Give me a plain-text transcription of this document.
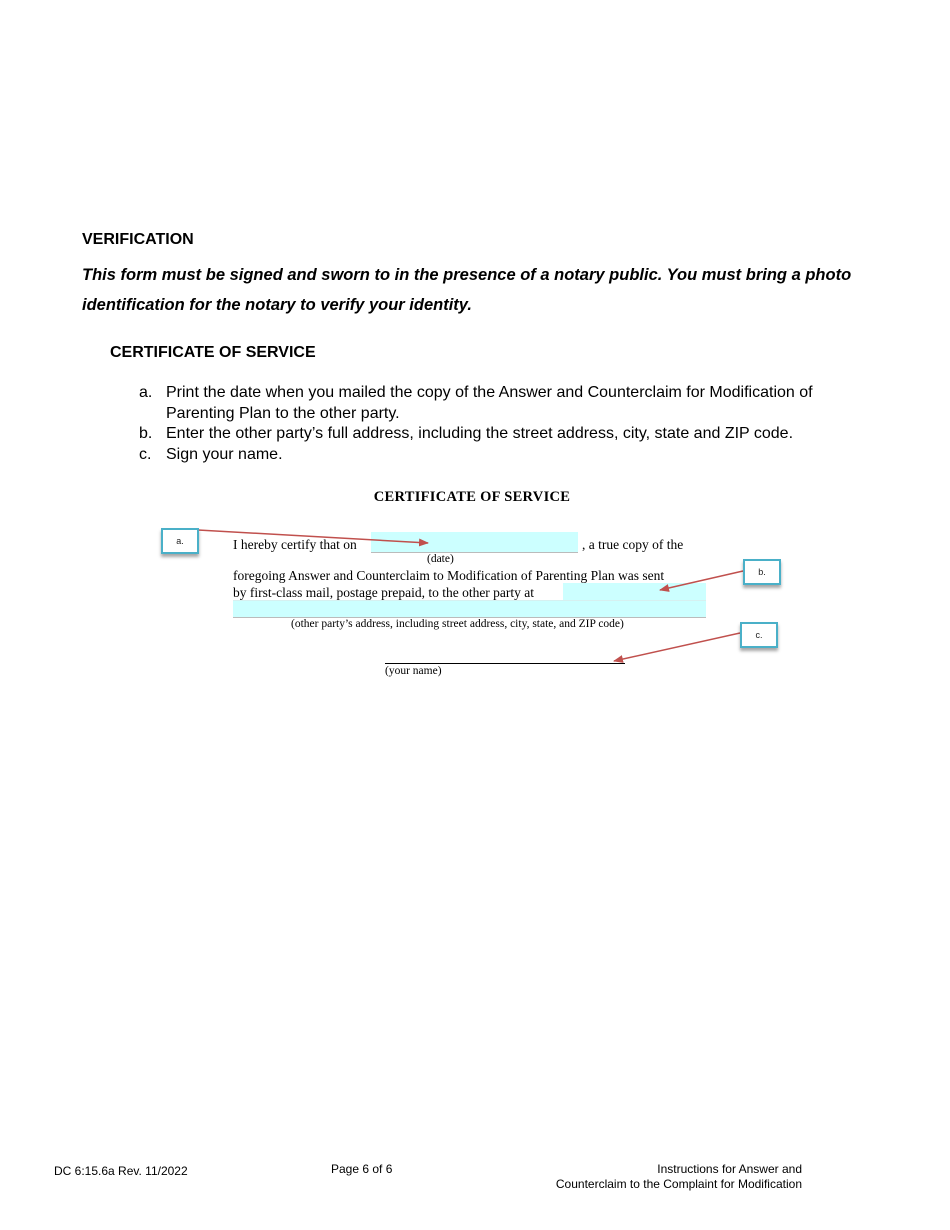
VERIFICATION
This form must be signed and sworn to in the presence of a notary public. You must bring a photo identification for the notary to verify your identity.
CERTIFICATE OF SERVICE
a. Print the date when you mailed the copy of the Answer and Counterclaim for Modification of Parenting Plan to the other party.
b. Enter the other party’s full address, including the street address, city, state and ZIP code.
c. Sign your name.
CERTIFICATE OF SERVICE
I hereby certify that on	, a true copy of the
(date)
foregoing Answer and Counterclaim to Modification of Parenting Plan was sent
by first-class mail, postage prepaid, to the other party at
(other party’s address, including street address, city, state, and ZIP code)
(your name)
a.
b.
c.
DC 6:15.6a Rev. 11/2022	Page 6 of 6	Instructions for Answer and
Counterclaim to the Complaint for Modification
